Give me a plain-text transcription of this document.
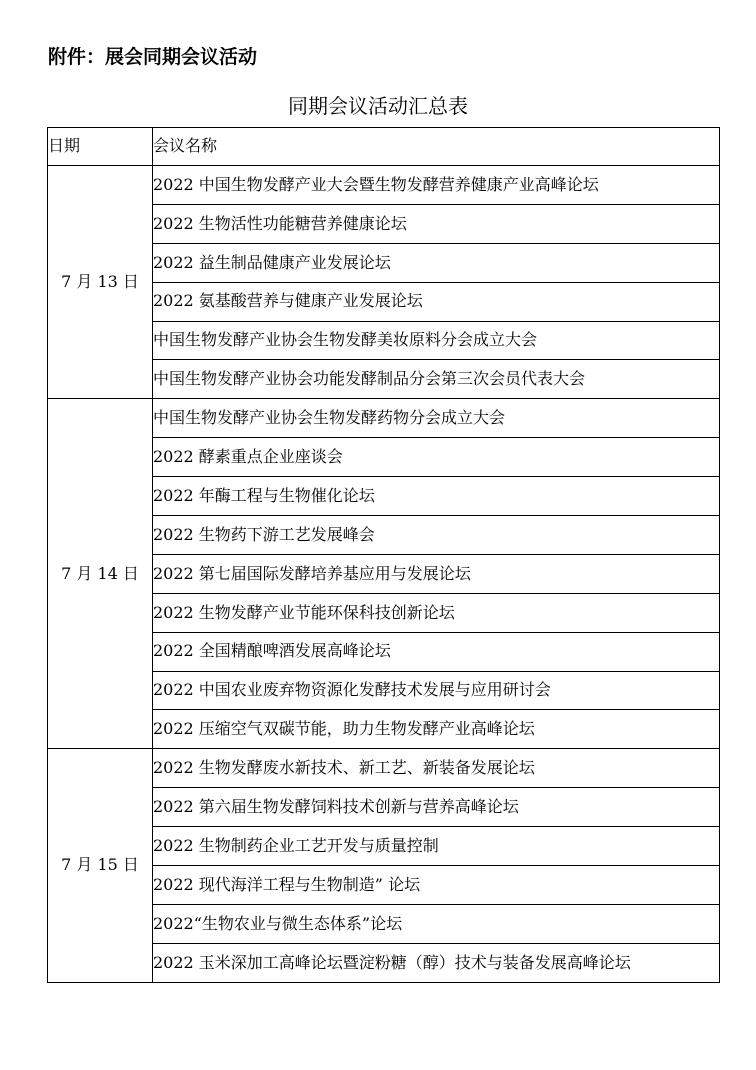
附件：展会同期会议活动
同期会议活动汇总表
日期	会议名称
7 月 13 日	2022 中国生物发酵产业大会暨生物发酵营养健康产业高峰论坛
	2022 生物活性功能糖营养健康论坛
	2022 益生制品健康产业发展论坛
	2022 氨基酸营养与健康产业发展论坛
	中国生物发酵产业协会生物发酵美妆原料分会成立大会
	中国生物发酵产业协会功能发酵制品分会第三次会员代表大会
7 月 14 日	中国生物发酵产业协会生物发酵药物分会成立大会
	2022 酵素重点企业座谈会
	2022 年酶工程与生物催化论坛
	2022 生物药下游工艺发展峰会
	2022 第七届国际发酵培养基应用与发展论坛
	2022 生物发酵产业节能环保科技创新论坛
	2022 全国精酿啤酒发展高峰论坛
	2022 中国农业废弃物资源化发酵技术发展与应用研讨会
	2022 压缩空气双碳节能，助力生物发酵产业高峰论坛
7 月 15 日	2022 生物发酵废水新技术、新工艺、新装备发展论坛
	2022 第六届生物发酵饲料技术创新与营养高峰论坛
	2022 生物制药企业工艺开发与质量控制
	2022 现代海洋工程与生物制造” 论坛
	2022“生物农业与微生态体系”论坛
	2022 玉米深加工高峰论坛暨淀粉糖（醇）技术与装备发展高峰论坛
